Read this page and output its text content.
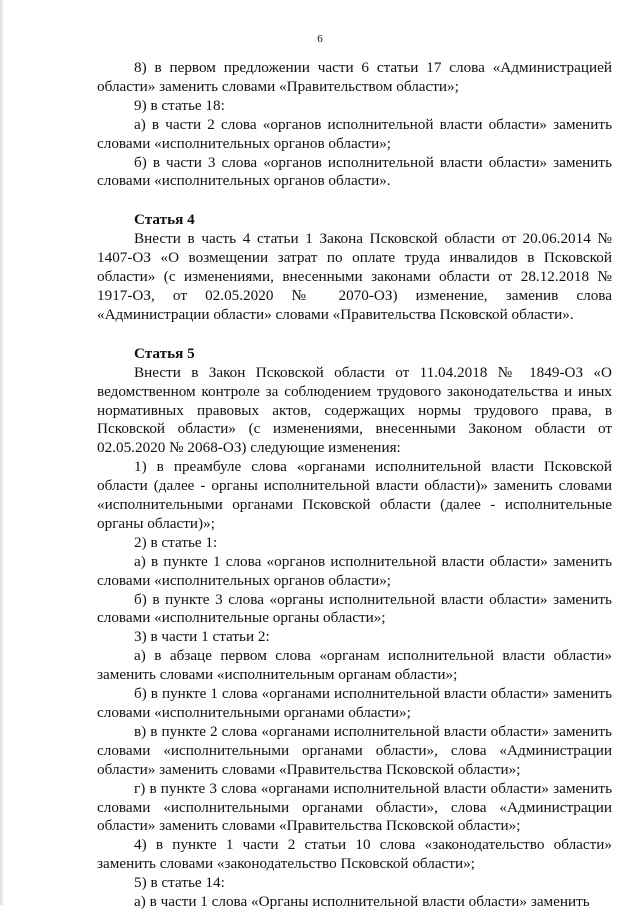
6

8) в первом предложении части 6 статьи 17 слова «Администрацией области» заменить словами «Правительством области»;

9) в статье 18:

а) в части 2 слова «органов исполнительной власти области» заменить словами «исполнительных органов области»;

б) в части 3 слова «органов исполнительной власти области» заменить словами «исполнительных органов области».

Статья 4

Внести в часть 4 статьи 1 Закона Псковской области от 20.06.2014 № 1407-ОЗ «О возмещении затрат по оплате труда инвалидов в Псковской области» (с изменениями, внесенными законами области от 28.12.2018 № 1917-ОЗ, от 02.05.2020 № 2070-ОЗ) изменение, заменив слова «Администрации области» словами «Правительства Псковской области».

Статья 5

Внести в Закон Псковской области от 11.04.2018 № 1849-ОЗ «О ведомственном контроле за соблюдением трудового законодательства и иных нормативных правовых актов, содержащих нормы трудового права, в Псковской области» (с изменениями, внесенными Законом области от 02.05.2020 № 2068-ОЗ) следующие изменения:

1) в преамбуле слова «органами исполнительной власти Псковской области (далее - органы исполнительной власти области)» заменить словами «исполнительными органами Псковской области (далее - исполнительные органы области)»;

2) в статье 1:

а) в пункте 1 слова «органов исполнительной власти области» заменить словами «исполнительных органов области»;

б) в пункте 3 слова «органы исполнительной власти области» заменить словами «исполнительные органы области»;

3) в части 1 статьи 2:

а) в абзаце первом слова «органам исполнительной власти области» заменить словами «исполнительным органам области»;

б) в пункте 1 слова «органами исполнительной власти области» заменить словами «исполнительными органами области»;

в) в пункте 2 слова «органами исполнительной власти области» заменить словами «исполнительными органами области», слова «Администрации области» заменить словами «Правительства Псковской области»;

г) в пункте 3 слова «органами исполнительной власти области» заменить словами «исполнительными органами области», слова «Администрации области» заменить словами «Правительства Псковской области»;

4) в пункте 1 части 2 статьи 10 слова «законодательство области» заменить словами «законодательство Псковской области»;

5) в статье 14:

а) в части 1 слова «Органы исполнительной власти области» заменить
